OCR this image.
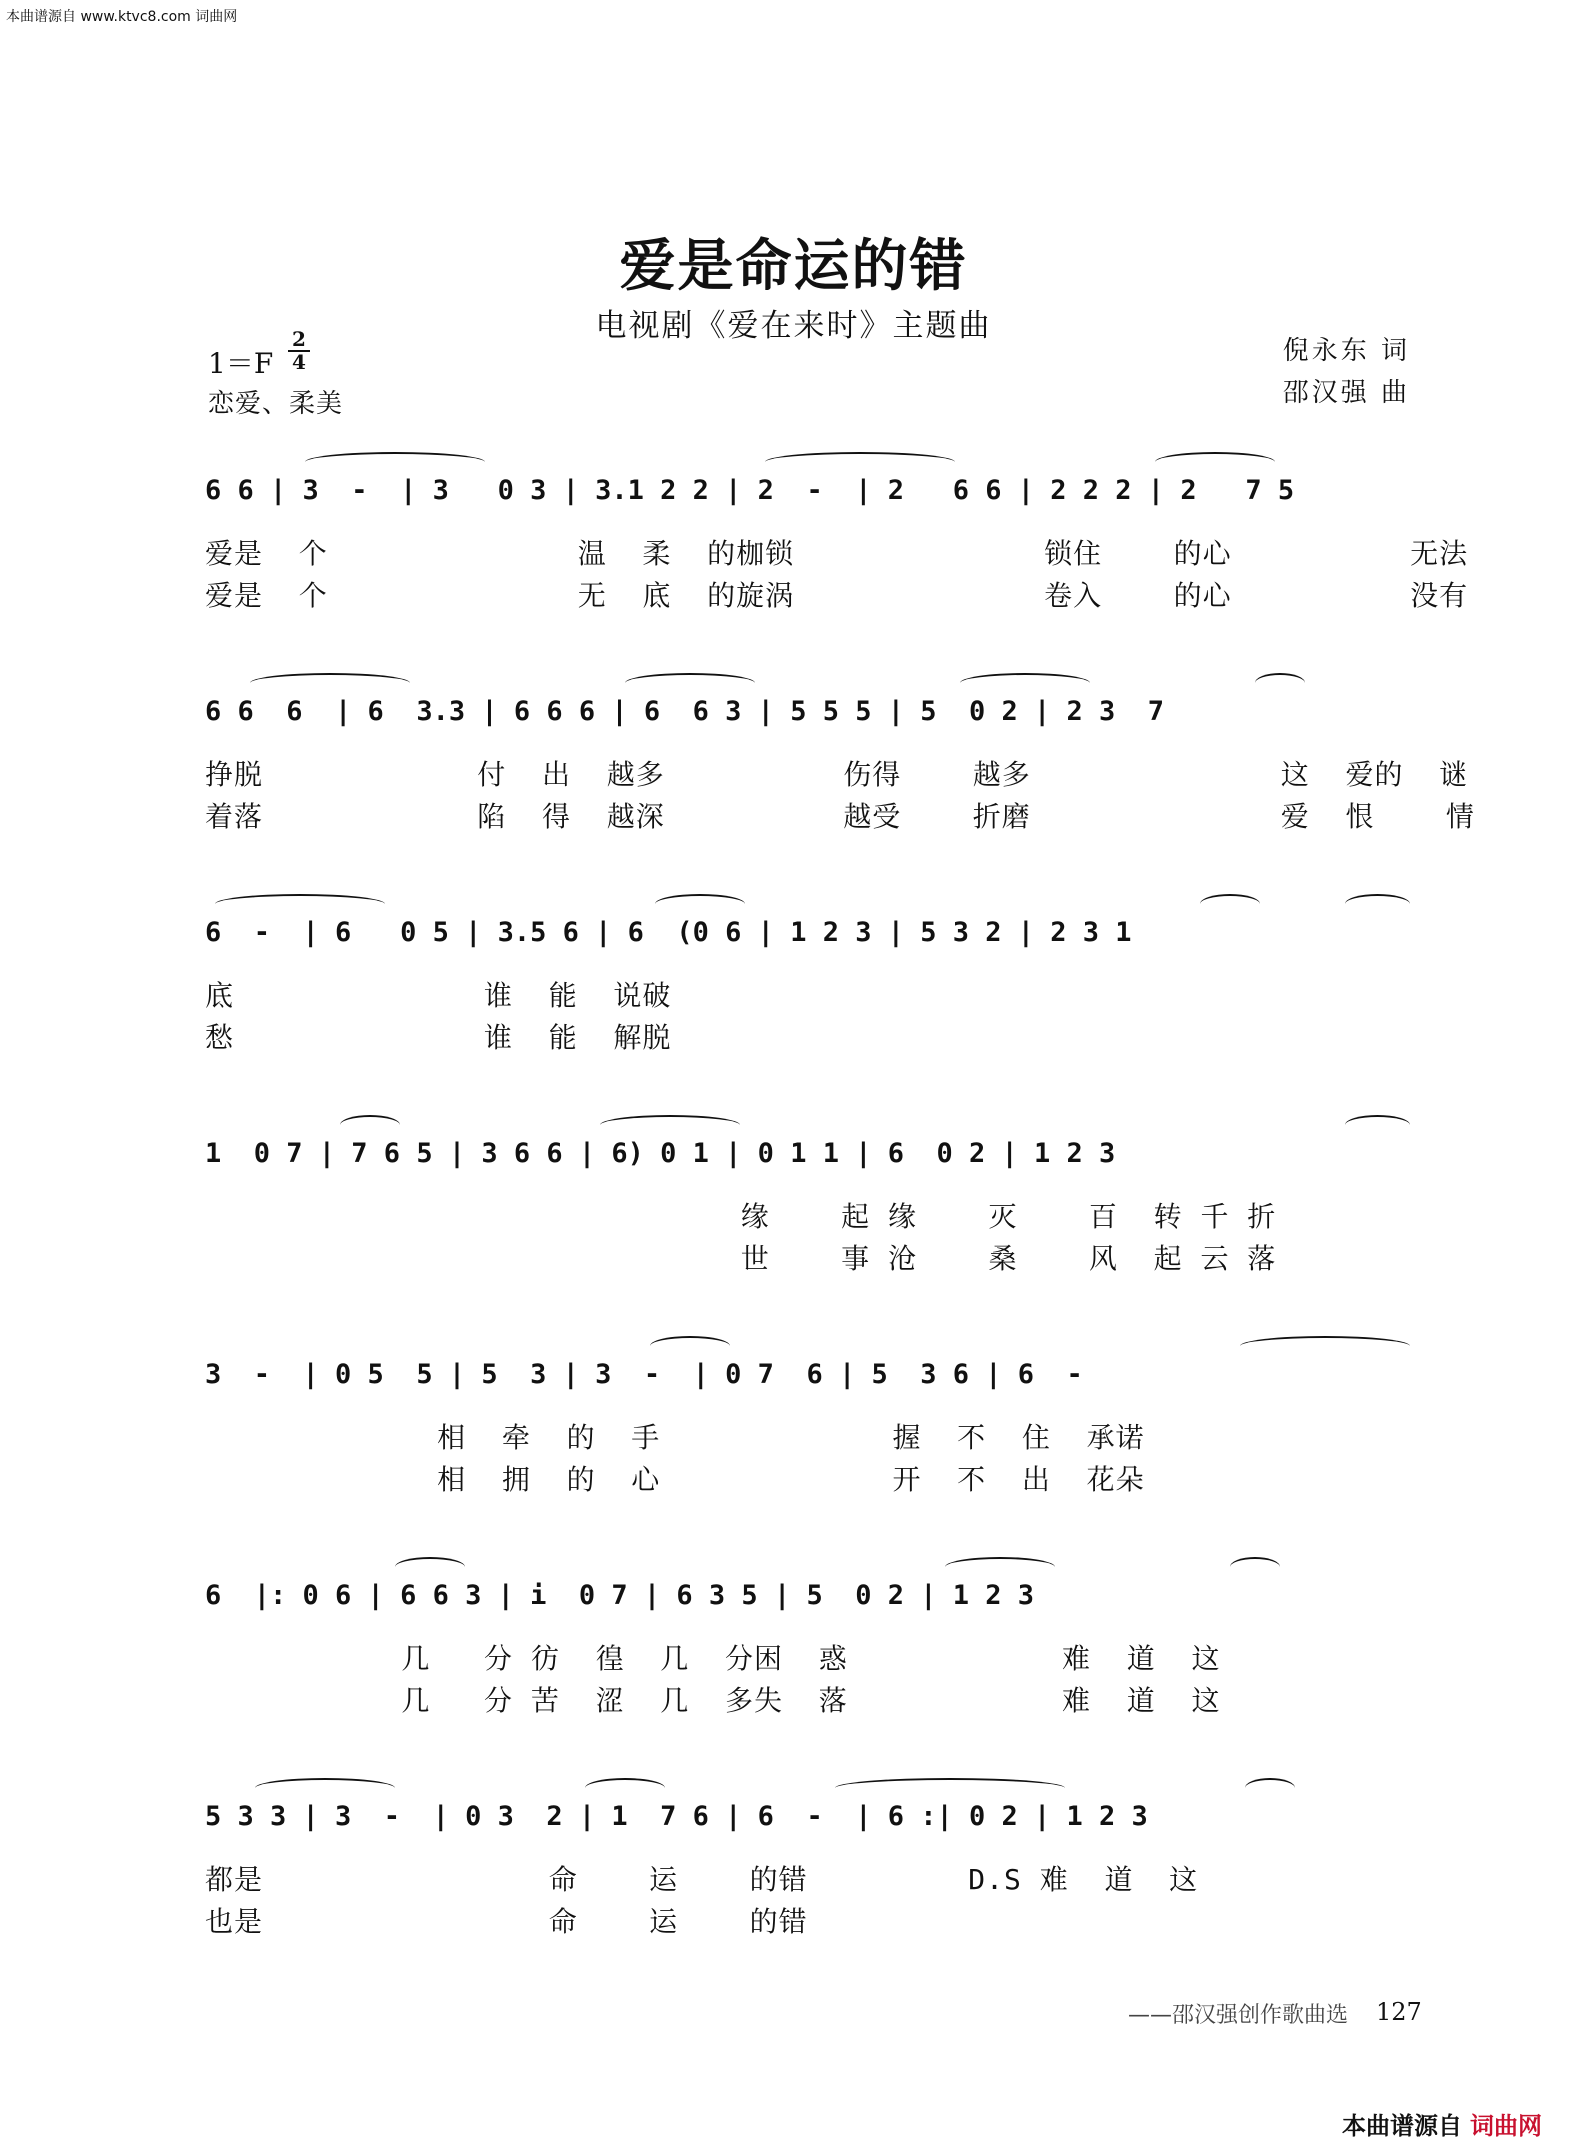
本曲谱源自 www.ktvc8.com 词曲网
爱是命运的错
电视剧《爱在来时》主题曲
1＝F
2
4
恋爱、柔美
倪永东 词
邵汉强 曲
6 6 | 3  -  | 3   0 3 | 3.1 2 2 | 2  -  | 2   6 6 | 2 2 2 | 2   7 5
爱是  个              温  柔  的枷锁              锁住    的心          无法
爱是  个              无  底  的旋涡              卷入    的心          没有
6 6  6  | 6  3.3 | 6 6 6 | 6  6 3 | 5 5 5 | 5  0 2 | 2 3  7
挣脱            付  出  越多          伤得    越多              这  爱的  谜
着落            陷  得  越深          越受    折磨              爱  恨    情
6  -  | 6   0 5 | 3.5 6 | 6  (0 6 | 1 2 3 | 5 3 2 | 2 3 1
底              谁  能  说破
愁              谁  能  解脱
1  0 7 | 7 6 5 | 3 6 6 | 6) 0 1 | 0 1 1 | 6  0 2 | 1 2 3
缘    起 缘    灭    百  转 千 折
世    事 沧    桑    风  起 云 落
3  -  | 0 5  5 | 5  3 | 3  -  | 0 7  6 | 5  3 6 | 6  -
相  牵  的  手             握  不  住  承诺
相  拥  的  心             开  不  出  花朵
6  |: 0 6 | 6 6 3 | i  0 7 | 6 3 5 | 5  0 2 | 1 2 3
几   分 彷  徨  几  分困  惑            难  道  这
几   分 苦  涩  几  多失  落            难  道  这
5 3 3 | 3  -  | 0 3  2 | 1  7 6 | 6  -  | 6 :| 0 2 | 1 2 3
都是                命    运    的错         D.S 难  道  这
也是                命    运    的错
——邵汉强创作歌曲选 127
本曲谱源自 词曲网
